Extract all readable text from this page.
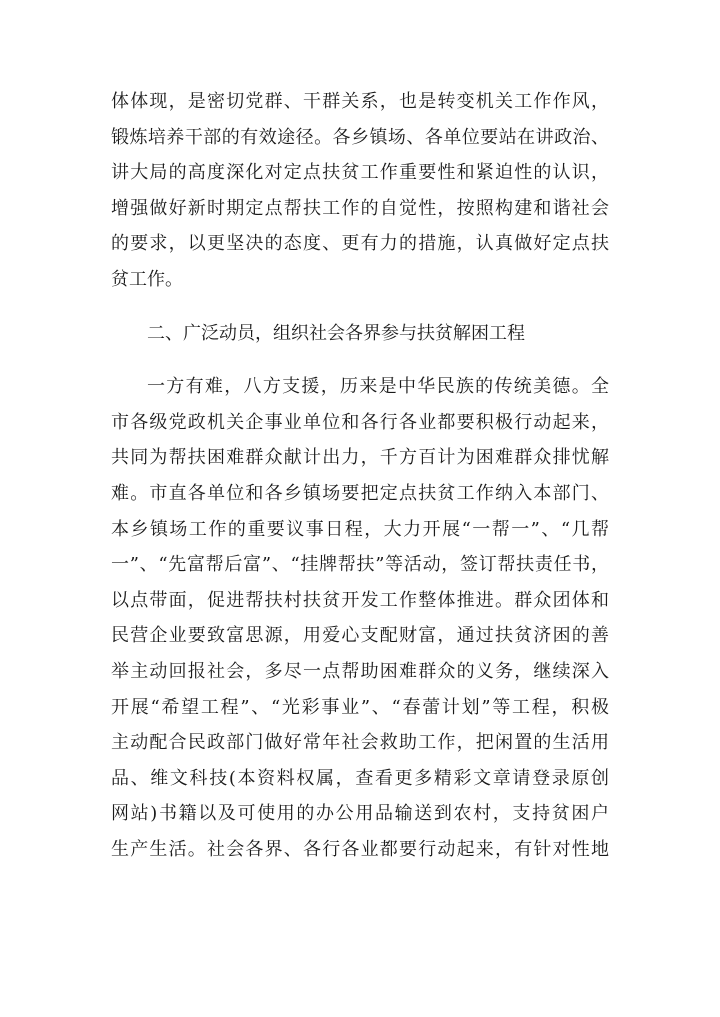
体体现，是密切党群、干群关系，也是转变机关工作作风，
锻炼培养干部的有效途径。各乡镇场、各单位要站在讲政治、
讲大局的高度深化对定点扶贫工作重要性和紧迫性的认识，
增强做好新时期定点帮扶工作的自觉性，按照构建和谐社会
的要求，以更坚决的态度、更有力的措施，认真做好定点扶
贫工作。
二、广泛动员，组织社会各界参与扶贫解困工程
一方有难，八方支援，历来是中华民族的传统美德。全
市各级党政机关企事业单位和各行各业都要积极行动起来，
共同为帮扶困难群众献计出力，千方百计为困难群众排忧解
难。市直各单位和各乡镇场要把定点扶贫工作纳入本部门、
本乡镇场工作的重要议事日程，大力开展“一帮一”、“几帮
一”、“先富帮后富”、“挂牌帮扶”等活动，签订帮扶责任书，
以点带面，促进帮扶村扶贫开发工作整体推进。群众团体和
民营企业要致富思源，用爱心支配财富，通过扶贫济困的善
举主动回报社会，多尽一点帮助困难群众的义务，继续深入
开展“希望工程”、“光彩事业”、“春蕾计划”等工程，积极
主动配合民政部门做好常年社会救助工作，把闲置的生活用
品、维文科技(本资料权属，查看更多精彩文章请登录原创
网站)书籍以及可使用的办公用品输送到农村，支持贫困户
生产生活。社会各界、各行各业都要行动起来，有针对性地
